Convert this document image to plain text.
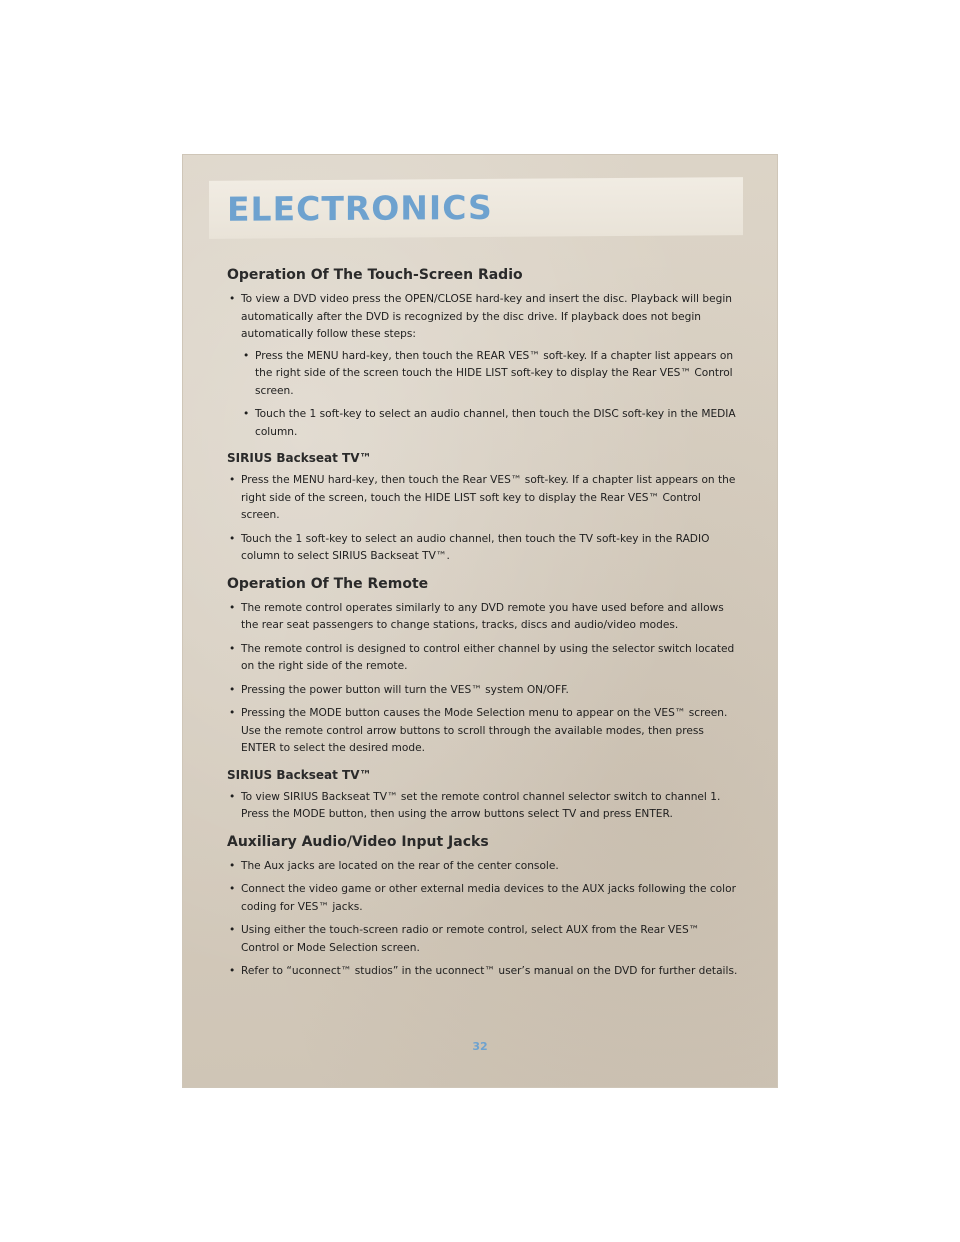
ELECTRONICS
Operation Of The Touch-Screen Radio
• To view a DVD video press the OPEN/CLOSE hard-key and insert the disc. Playback will begin automatically after the DVD is recognized by the disc drive. If playback does not begin automatically follow these steps:
• Press the MENU hard-key, then touch the REAR VES™ soft-key. If a chapter list appears on the right side of the screen touch the HIDE LIST soft-key to display the Rear VES™ Control screen.
• Touch the 1 soft-key to select an audio channel, then touch the DISC soft-key in the MEDIA column.
SIRIUS Backseat TV™
• Press the MENU hard-key, then touch the Rear VES™ soft-key. If a chapter list appears on the right side of the screen, touch the HIDE LIST soft key to display the Rear VES™ Control screen.
• Touch the 1 soft-key to select an audio channel, then touch the TV soft-key in the RADIO column to select SIRIUS Backseat TV™.
Operation Of The Remote
• The remote control operates similarly to any DVD remote you have used before and allows the rear seat passengers to change stations, tracks, discs and audio/video modes.
• The remote control is designed to control either channel by using the selector switch located on the right side of the remote.
• Pressing the power button will turn the VES™ system ON/OFF.
• Pressing the MODE button causes the Mode Selection menu to appear on the VES™ screen. Use the remote control arrow buttons to scroll through the available modes, then press ENTER to select the desired mode.
SIRIUS Backseat TV™
• To view SIRIUS Backseat TV™ set the remote control channel selector switch to channel 1. Press the MODE button, then using the arrow buttons select TV and press ENTER.
Auxiliary Audio/Video Input Jacks
• The Aux jacks are located on the rear of the center console.
• Connect the video game or other external media devices to the AUX jacks following the color coding for VES™ jacks.
• Using either the touch-screen radio or remote control, select AUX from the Rear VES™ Control or Mode Selection screen.
• Refer to “uconnect™ studios” in the uconnect™ user’s manual on the DVD for further details.
32
